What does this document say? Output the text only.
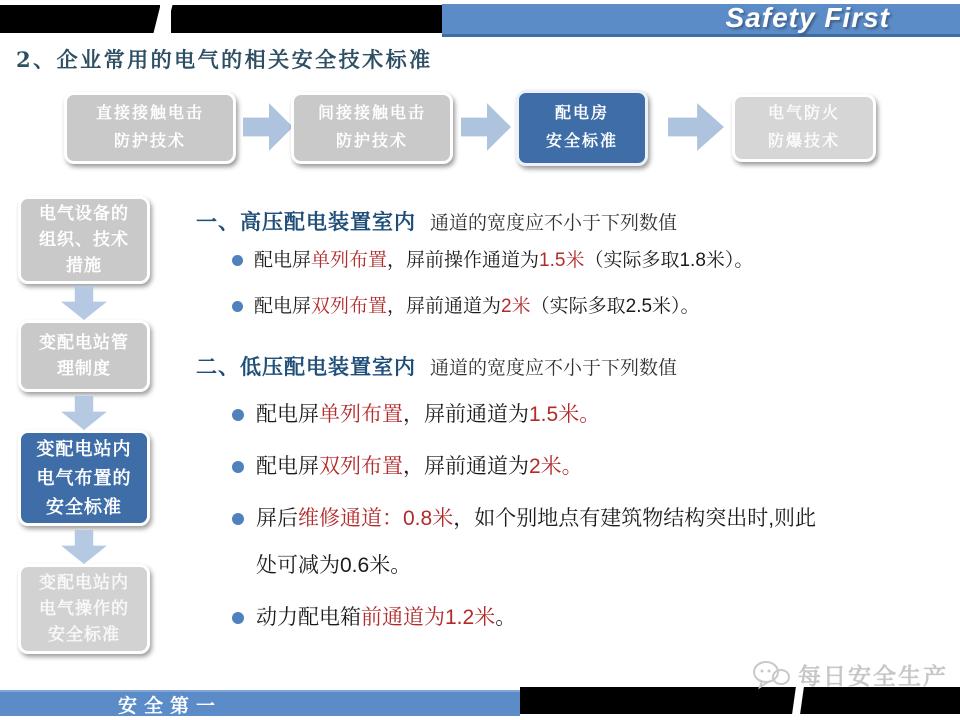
Safety First
2、企业常用的电气的相关安全技术标准
直接接触电击
防护技术
间接接触电击
防护技术
配电房
安全标准
电气防火
防爆技术
电气设备的
组织、技术
措施
变配电站管
理制度
变配电站内
电气布置的
安全标准
变配电站内
电气操作的
安全标准
一、高压配电装置室内 通道的宽度应不小于下列数值
配电屏单列布置，屏前操作通道为1.5米（实际多取1.8米）。
配电屏双列布置，屏前通道为2米（实际多取2.5米）。
二、低压配电装置室内 通道的宽度应不小于下列数值
配电屏单列布置，屏前通道为1.5米。
配电屏双列布置，屏前通道为2米。
屏后维修通道：0.8米，如个别地点有建筑物结构突出时,则此
处可减为0.6米。
动力配电箱前通道为1.2米。
每日安全生产
安全第一
